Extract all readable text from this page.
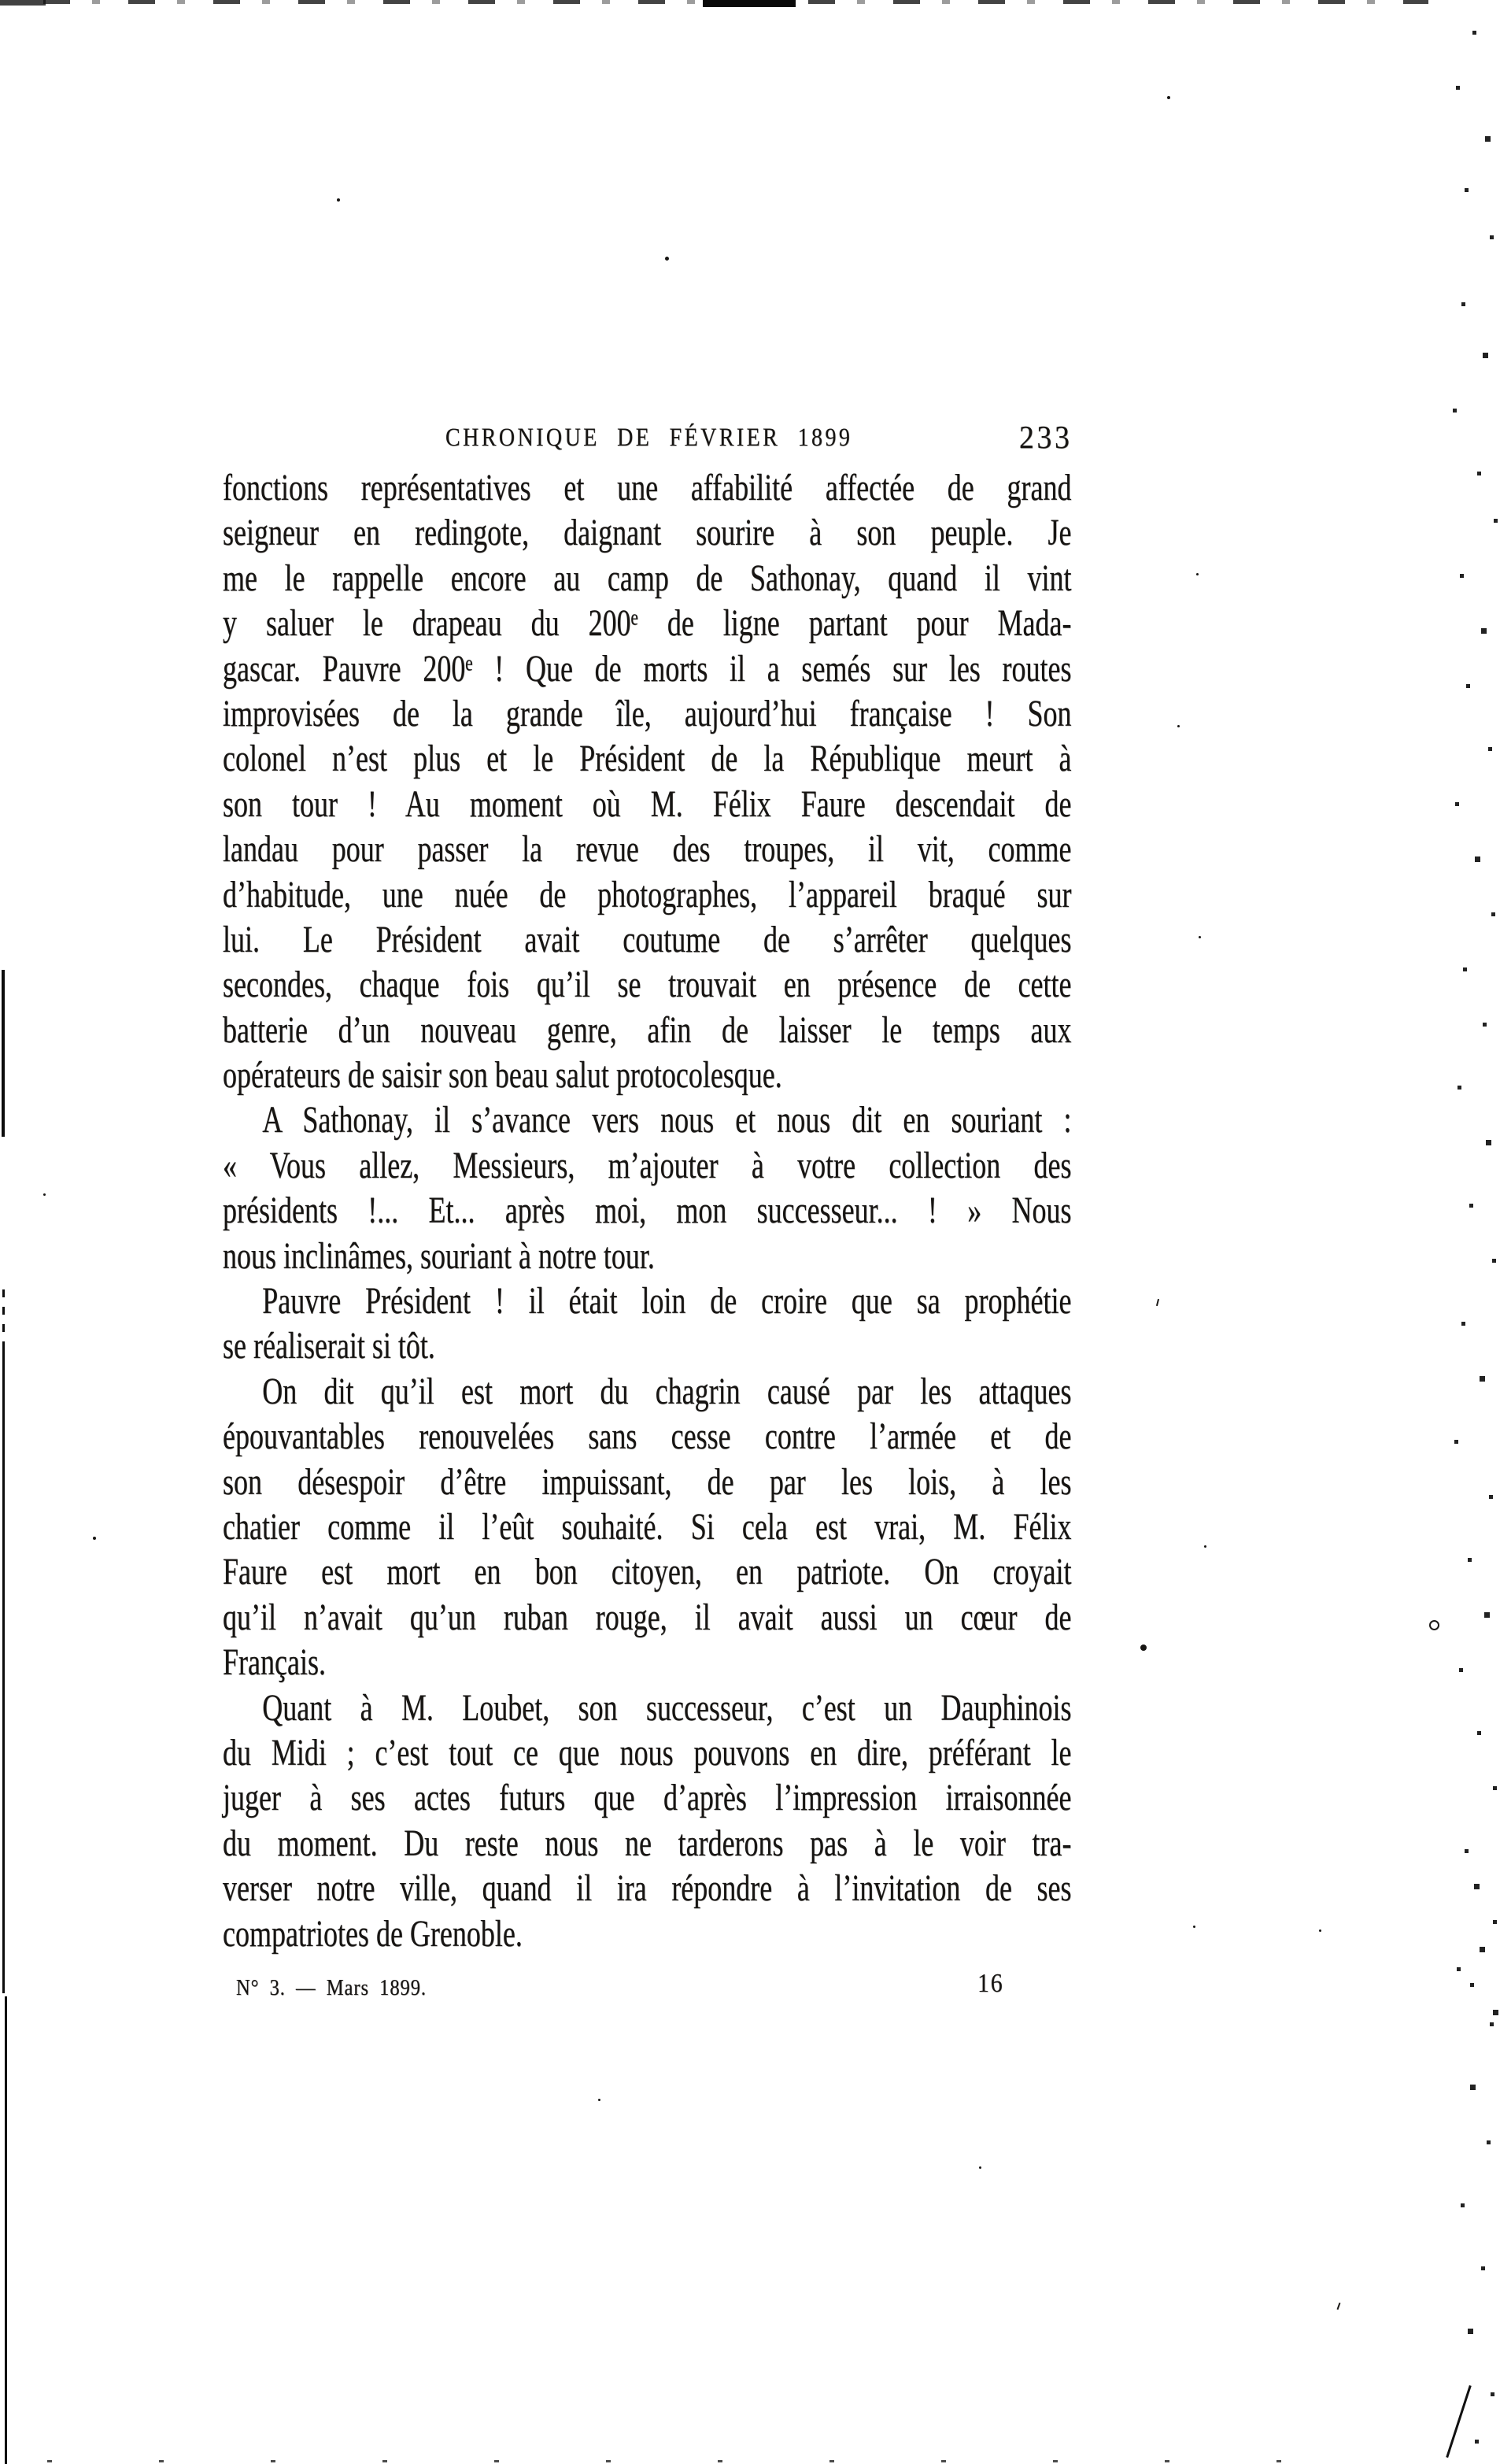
CHRONIQUE DE FÉVRIER 1899	233
fonctions représentatives et une affabilité affectée de grand
seigneur en redingote, daignant sourire à son peuple. Je
me le rappelle encore au camp de Sathonay, quand il vint
y saluer le drapeau du 200ᵉ de ligne partant pour Mada-
gascar. Pauvre 200ᵉ ! Que de morts il a semés sur les routes
improvisées de la grande île, aujourd’hui française ! Son
colonel n’est plus et le Président de la République meurt à
son tour ! Au moment où M. Félix Faure descendait de
landau pour passer la revue des troupes, il vit, comme
d’habitude, une nuée de photographes, l’appareil braqué sur
lui. Le Président avait coutume de s’arrêter quelques
secondes, chaque fois qu’il se trouvait en présence de cette
batterie d’un nouveau genre, afin de laisser le temps aux
opérateurs de saisir son beau salut protocolesque.
A Sathonay, il s’avance vers nous et nous dit en souriant :
« Vous allez, Messieurs, m’ajouter à votre collection des
présidents !... Et... après moi, mon successeur... ! » Nous
nous inclinâmes, souriant à notre tour.
Pauvre Président ! il était loin de croire que sa prophétie
se réaliserait si tôt.
On dit qu’il est mort du chagrin causé par les attaques
épouvantables renouvelées sans cesse contre l’armée et de
son désespoir d’être impuissant, de par les lois, à les
chatier comme il l’eût souhaité. Si cela est vrai, M. Félix
Faure est mort en bon citoyen, en patriote. On croyait
qu’il n’avait qu’un ruban rouge, il avait aussi un cœur de
Français.
Quant à M. Loubet, son successeur, c’est un Dauphinois
du Midi ; c’est tout ce que nous pouvons en dire, préférant le
juger à ses actes futurs que d’après l’impression irraisonnée
du moment. Du reste nous ne tarderons pas à le voir tra-
verser notre ville, quand il ira répondre à l’invitation de ses
compatriotes de Grenoble.
N° 3. — Mars 1899.	16
